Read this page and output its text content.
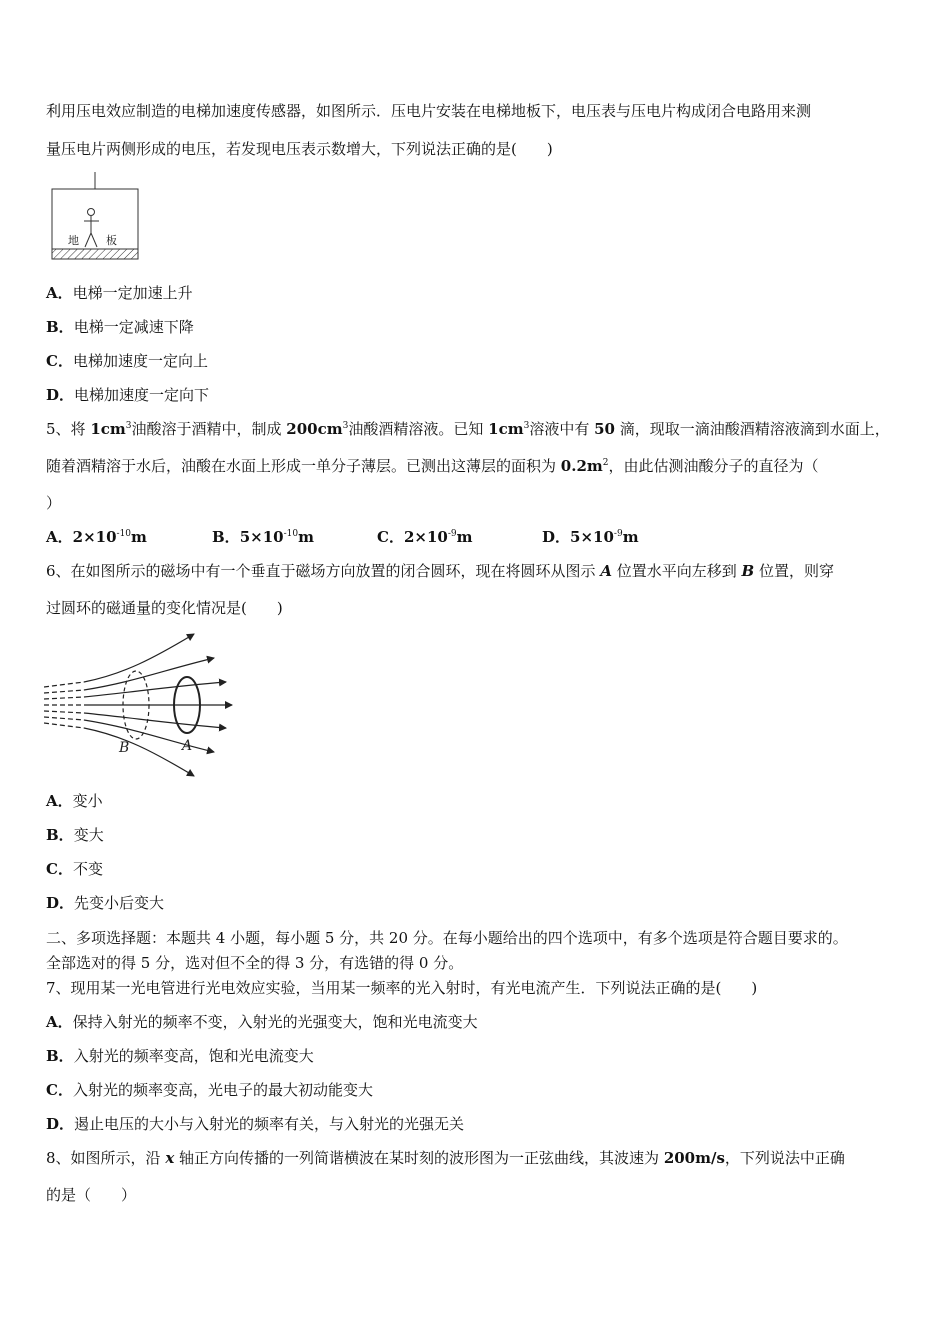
利用压电效应制造的电梯加速度传感器，如图所示．压电片安装在电梯地板下，电压表与压电片构成闭合电路用来测
量压电片两侧形成的电压，若发现电压表示数增大，下列说法正确的是(　　)
地 板
A．电梯一定加速上升
B．电梯一定减速下降
C．电梯加速度一定向上
D．电梯加速度一定向下
5、将 $1cm^3$油酸溶于酒精中，制成 $200cm^3$油酸酒精溶液。已知 $1cm^3$溶液中有 50 滴，现取一滴油酸酒精溶液滴到水面上，
随着酒精溶于水后，油酸在水面上形成一单分子薄层。已测出这薄层的面积为 $0.2m^2$，由此估测油酸分子的直径为（
）
A．$2\times 10^{-10}m$	B．$5\times 10^{-10}m$	C．$2\times 10^{-9}m$	D．$5\times 10^{-9}m$
6、在如图所示的磁场中有一个垂直于磁场方向放置的闭合圆环，现在将圆环从图示 A 位置水平向左移到 B 位置，则穿
过圆环的磁通量的变化情况是(　　)
B	A
A．变小
B．变大
C．不变
D．先变小后变大
二、多项选择题：本题共 4 小题，每小题 5 分，共 20 分。在每小题给出的四个选项中，有多个选项是符合题目要求的。
全部选对的得 5 分，选对但不全的得 3 分，有选错的得 0 分。
7、现用某一光电管进行光电效应实验，当用某一频率的光入射时，有光电流产生．下列说法正确的是(　　)
A．保持入射光的频率不变，入射光的光强变大，饱和光电流变大
B．入射光的频率变高，饱和光电流变大
C．入射光的频率变高，光电子的最大初动能变大
D．遏止电压的大小与入射光的频率有关，与入射光的光强无关
8、如图所示，沿 x 轴正方向传播的一列简谐横波在某时刻的波形图为一正弦曲线，其波速为 200m/s，下列说法中正确
的是（　　）
